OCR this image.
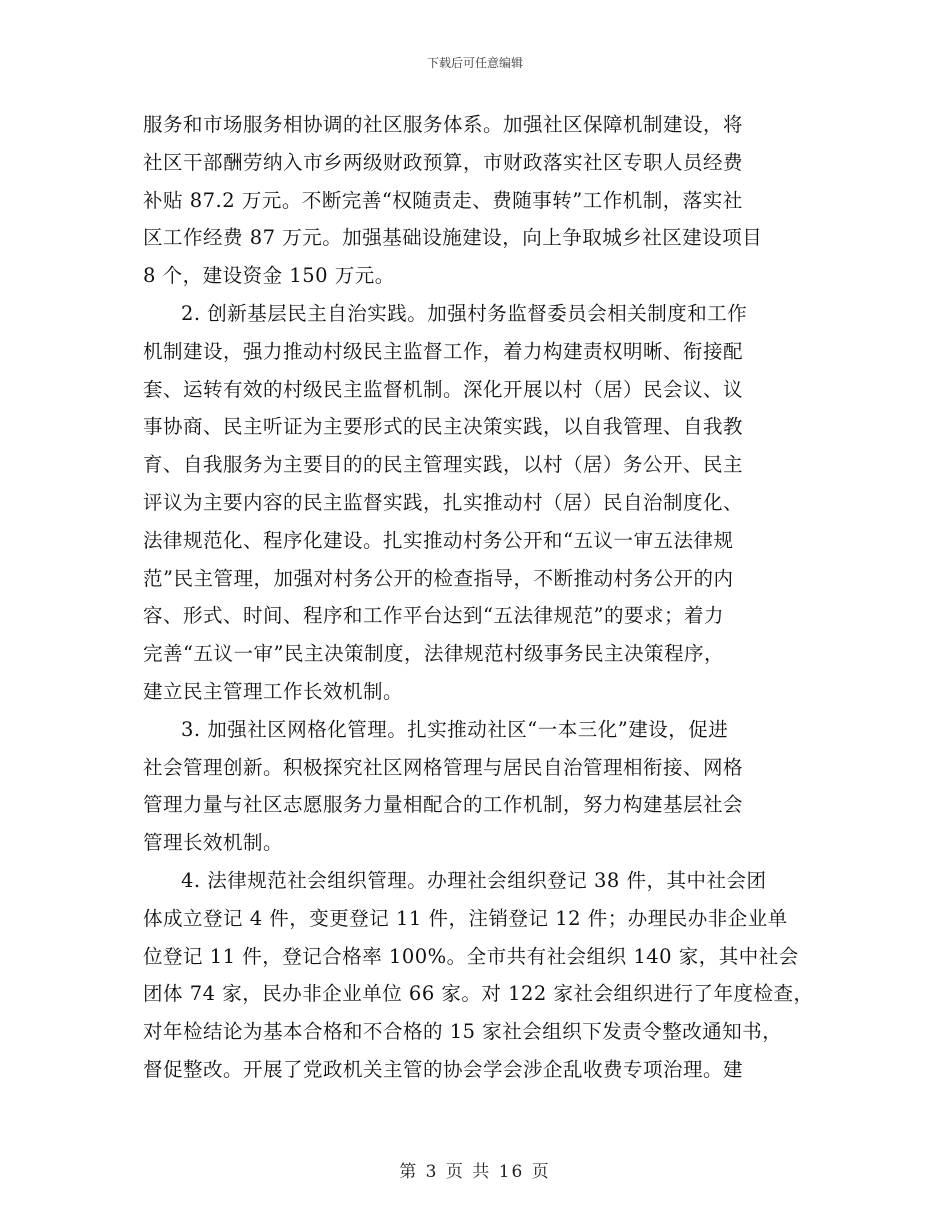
下载后可任意编辑
服务和市场服务相协调的社区服务体系。加强社区保障机制建设，将
社区干部酬劳纳入市乡两级财政预算，市财政落实社区专职人员经费
补贴 87.2 万元。不断完善“权随责走、费随事转”工作机制，落实社
区工作经费 87 万元。加强基础设施建设，向上争取城乡社区建设项目
8 个，建设资金 150 万元。
2. 创新基层民主自治实践。加强村务监督委员会相关制度和工作
机制建设，强力推动村级民主监督工作，着力构建责权明晰、衔接配
套、运转有效的村级民主监督机制。深化开展以村（居）民会议、议
事协商、民主听证为主要形式的民主决策实践，以自我管理、自我教
育、自我服务为主要目的的民主管理实践，以村（居）务公开、民主
评议为主要内容的民主监督实践，扎实推动村（居）民自治制度化、
法律规范化、程序化建设。扎实推动村务公开和“五议一审五法律规
范”民主管理，加强对村务公开的检查指导，不断推动村务公开的内
容、形式、时间、程序和工作平台达到“五法律规范”的要求；着力
完善“五议一审”民主决策制度，法律规范村级事务民主决策程序，
建立民主管理工作长效机制。
3. 加强社区网格化管理。扎实推动社区“一本三化”建设，促进
社会管理创新。积极探究社区网格管理与居民自治管理相衔接、网格
管理力量与社区志愿服务力量相配合的工作机制，努力构建基层社会
管理长效机制。
4. 法律规范社会组织管理。办理社会组织登记 38 件，其中社会团
体成立登记 4 件，变更登记 11 件，注销登记 12 件；办理民办非企业单
位登记 11 件，登记合格率 100%。全市共有社会组织 140 家，其中社会
团体 74 家，民办非企业单位 66 家。对 122 家社会组织进行了年度检查，
对年检结论为基本合格和不合格的 15 家社会组织下发责令整改通知书，
督促整改。开展了党政机关主管的协会学会涉企乱收费专项治理。建
第 3 页 共 16 页
